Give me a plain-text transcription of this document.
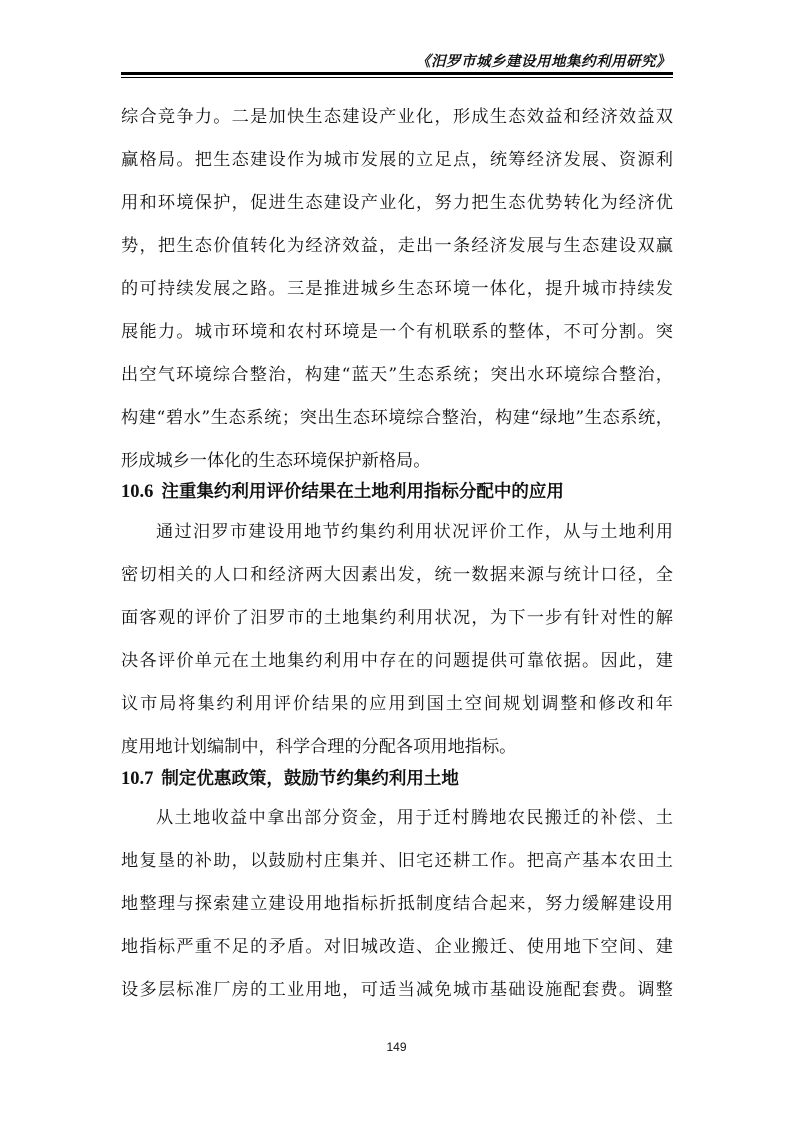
《汨罗市城乡建设用地集约利用研究》
综合竞争力。二是加快生态建设产业化，形成生态效益和经济效益双
赢格局。把生态建设作为城市发展的立足点，统筹经济发展、资源利
用和环境保护，促进生态建设产业化，努力把生态优势转化为经济优
势，把生态价值转化为经济效益，走出一条经济发展与生态建设双赢
的可持续发展之路。三是推进城乡生态环境一体化，提升城市持续发
展能力。城市环境和农村环境是一个有机联系的整体，不可分割。突
出空气环境综合整治，构建“蓝天”生态系统；突出水环境综合整治，
构建“碧水”生态系统；突出生态环境综合整治，构建“绿地”生态系统，
形成城乡一体化的生态环境保护新格局。
10.6 注重集约利用评价结果在土地利用指标分配中的应用
通过汨罗市建设用地节约集约利用状况评价工作，从与土地利用
密切相关的人口和经济两大因素出发，统一数据来源与统计口径，全
面客观的评价了汨罗市的土地集约利用状况，为下一步有针对性的解
决各评价单元在土地集约利用中存在的问题提供可靠依据。因此，建
议市局将集约利用评价结果的应用到国土空间规划调整和修改和年
度用地计划编制中，科学合理的分配各项用地指标。
10.7 制定优惠政策，鼓励节约集约利用土地
从土地收益中拿出部分资金，用于迁村腾地农民搬迁的补偿、土
地复垦的补助，以鼓励村庄集并、旧宅还耕工作。把高产基本农田土
地整理与探索建立建设用地指标折抵制度结合起来，努力缓解建设用
地指标严重不足的矛盾。对旧城改造、企业搬迁、使用地下空间、建
设多层标准厂房的工业用地，可适当减免城市基础设施配套费。调整
149
